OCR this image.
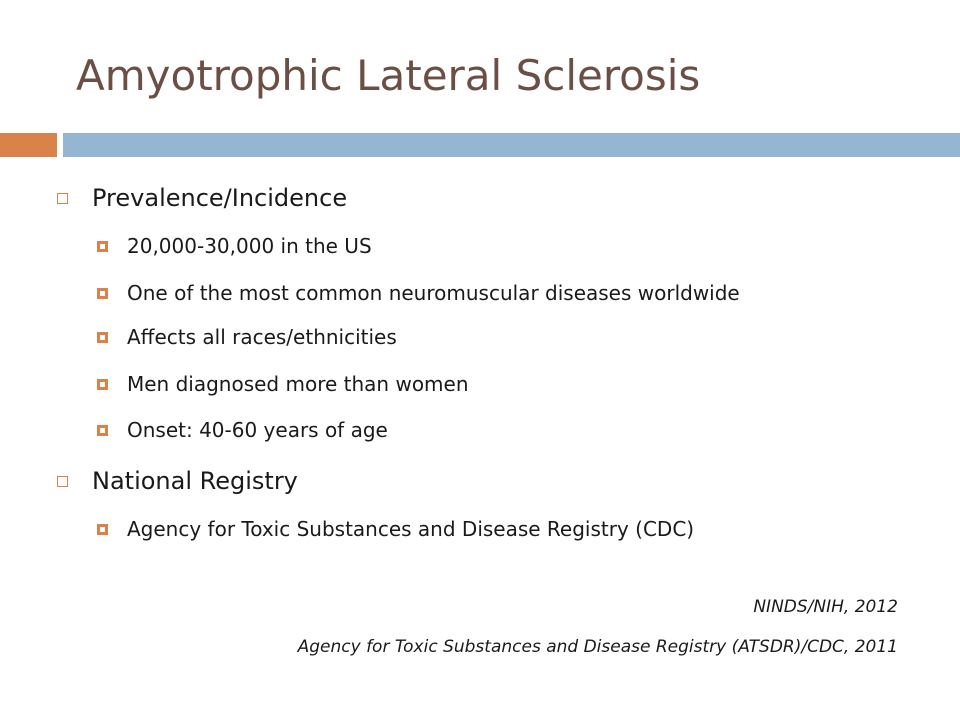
Amyotrophic Lateral Sclerosis
Prevalence/Incidence
20,000-30,000 in the US
One of the most common neuromuscular diseases worldwide
Affects all races/ethnicities
Men diagnosed more than women
Onset: 40-60 years of age
National Registry
Agency for Toxic Substances and Disease Registry (CDC)
NINDS/NIH, 2012
Agency for Toxic Substances and Disease Registry (ATSDR)/CDC, 2011
